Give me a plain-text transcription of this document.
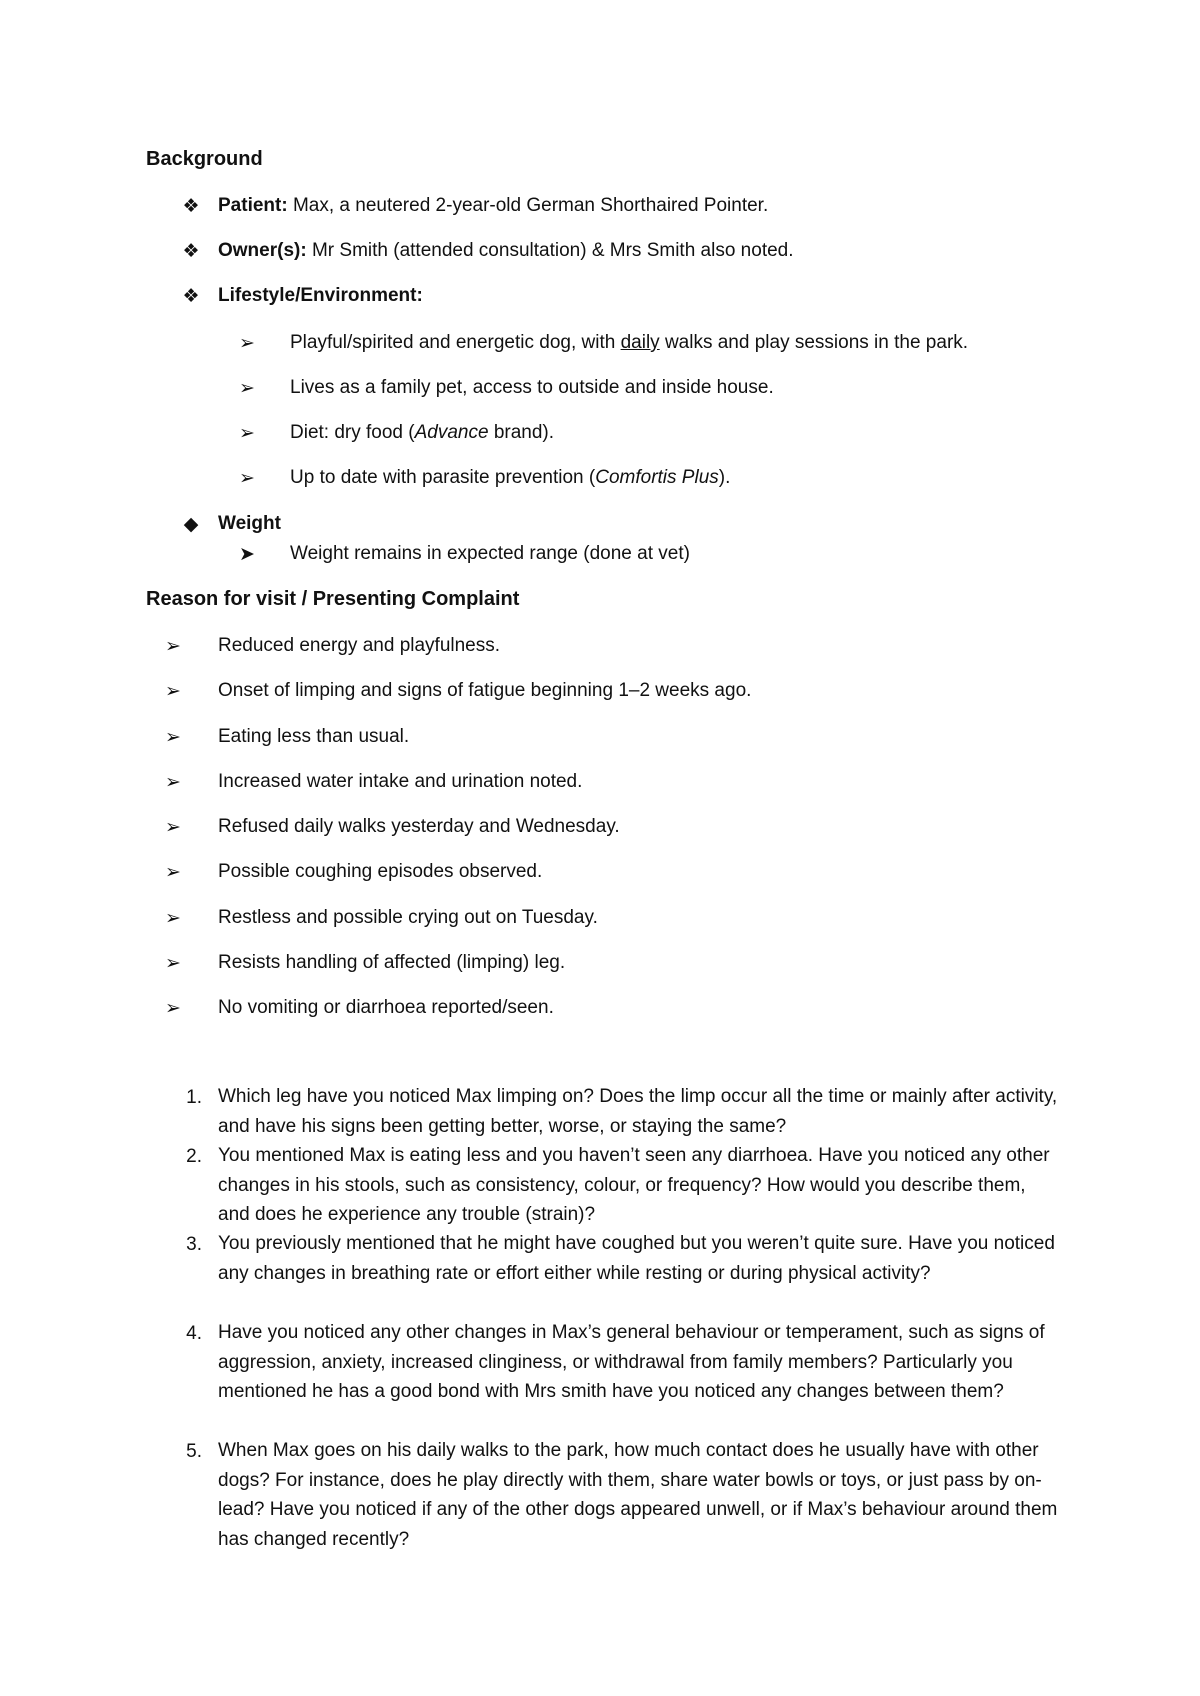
Background
❖ Patient: Max, a neutered 2-year-old German Shorthaired Pointer.
❖ Owner(s): Mr Smith (attended consultation) & Mrs Smith also noted.
❖ Lifestyle/Environment:
➢ Playful/spirited and energetic dog, with daily walks and play sessions in the park.
➢ Lives as a family pet, access to outside and inside house.
➢ Diet: dry food (Advance brand).
➢ Up to date with parasite prevention (Comfortis Plus).
◆ Weight
➤ Weight remains in expected range (done at vet)
Reason for visit / Presenting Complaint
➢ Reduced energy and playfulness.
➢ Onset of limping and signs of fatigue beginning 1–2 weeks ago.
➢ Eating less than usual.
➢ Increased water intake and urination noted.
➢ Refused daily walks yesterday and Wednesday.
➢ Possible coughing episodes observed.
➢ Restless and possible crying out on Tuesday.
➢ Resists handling of affected (limping) leg.
➢ No vomiting or diarrhoea reported/seen.
1. Which leg have you noticed Max limping on? Does the limp occur all the time or mainly after activity, and have his signs been getting better, worse, or staying the same?
2. You mentioned Max is eating less and you haven’t seen any diarrhoea. Have you noticed any other changes in his stools, such as consistency, colour, or frequency? How would you describe them, and does he experience any trouble (strain)?
3. You previously mentioned that he might have coughed but you weren’t quite sure. Have you noticed any changes in breathing rate or effort either while resting or during physical activity?
4. Have you noticed any other changes in Max’s general behaviour or temperament, such as signs of aggression, anxiety, increased clinginess, or withdrawal from family members? Particularly you mentioned he has a good bond with Mrs smith have you noticed any changes between them?
5. When Max goes on his daily walks to the park, how much contact does he usually have with other dogs? For instance, does he play directly with them, share water bowls or toys, or just pass by on-lead? Have you noticed if any of the other dogs appeared unwell, or if Max’s behaviour around them has changed recently?
